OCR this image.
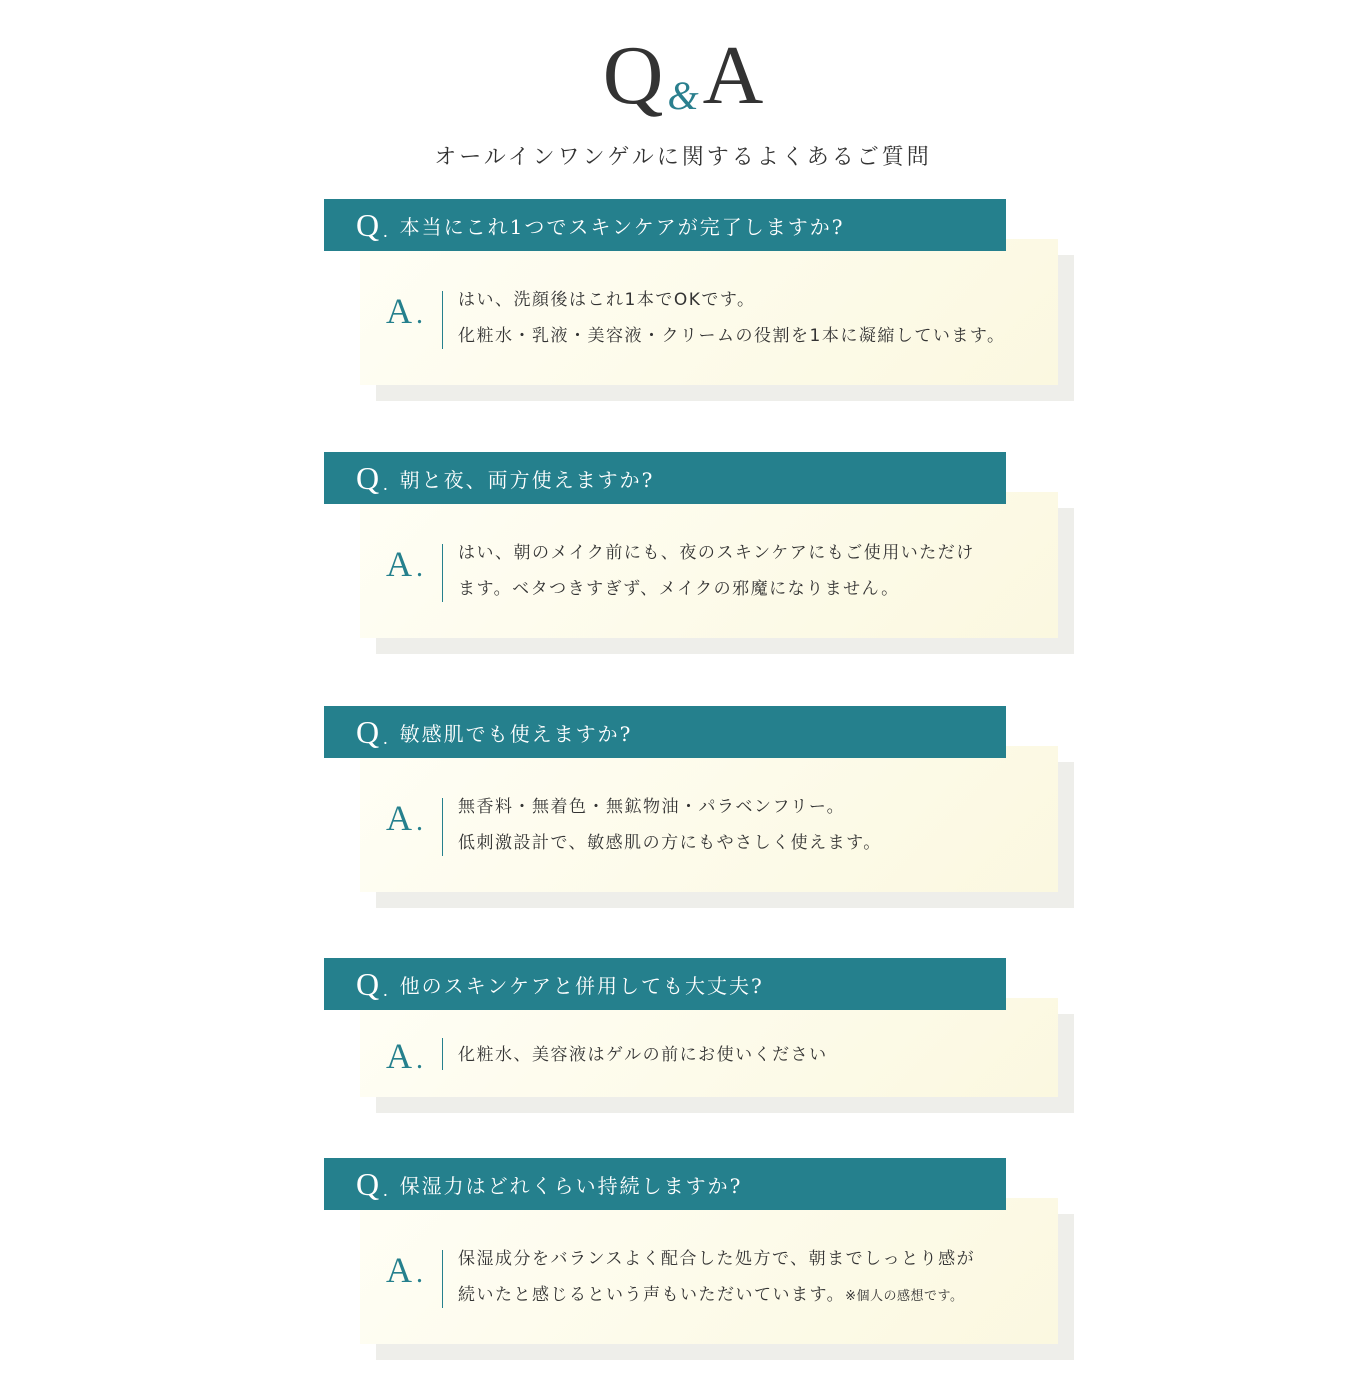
Q &A
オールインワンゲルに関するよくあるご質問
Q . 本当にこれ1つでスキンケアが完了しますか?
A . はい、洗顔後はこれ1本でOKです。
化粧水・乳液・美容液・クリームの役割を1本に凝縮しています。
Q . 朝と夜、両方使えますか?
A . はい、朝のメイク前にも、夜のスキンケアにもご使用いただけ
ます。ベタつきすぎず、メイクの邪魔になりません。
Q . 敏感肌でも使えますか?
A . 無香料・無着色・無鉱物油・パラベンフリー。
低刺激設計で、敏感肌の方にもやさしく使えます。
Q . 他のスキンケアと併用しても大丈夫?
A . 化粧水、美容液はゲルの前にお使いください
Q . 保湿力はどれくらい持続しますか?
A . 保湿成分をバランスよく配合した処方で、朝までしっとり感が
続いたと感じるという声もいただいています。※個人の感想です。
